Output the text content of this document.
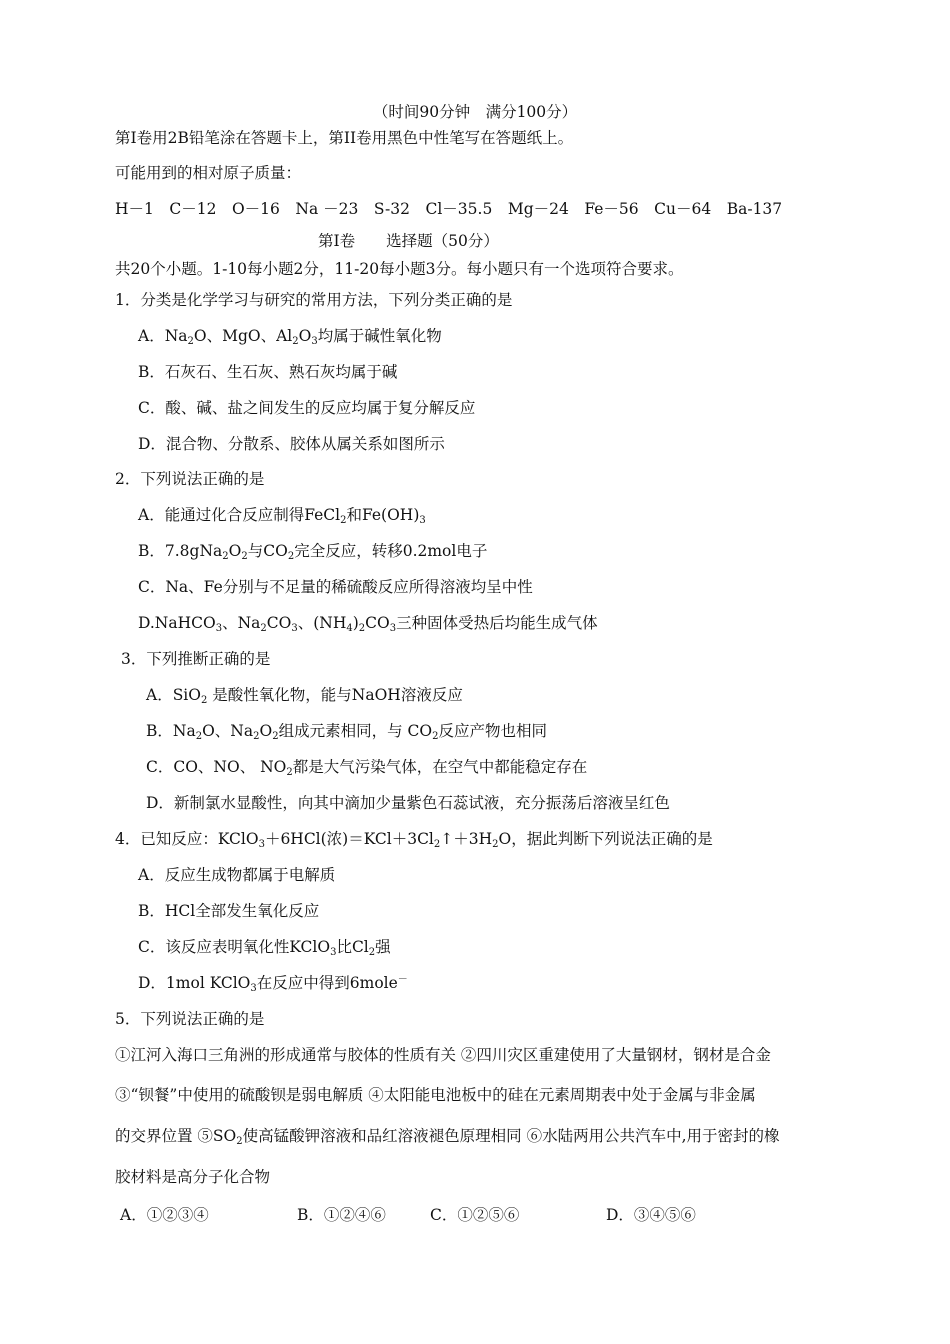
（时间90分钟　满分100分）
第Ⅰ卷用2B铅笔涂在答题卡上，第II卷用黑色中性笔写在答题纸上。
可能用到的相对原子质量：
H－1　C－12　O－16　Na －23　S-32　Cl－35.5　Mg－24　Fe－56　Cu－64　Ba-137
第Ⅰ卷　　选择题（50分）
共20个小题。1-10每小题2分，11-20每小题3分。每小题只有一个选项符合要求。
1．分类是化学学习与研究的常用方法，下列分类正确的是
A．$Na_2O$、MgO、$Al_2O_3$均属于碱性氧化物
B．石灰石、生石灰、熟石灰均属于碱
C．酸、碱、盐之间发生的反应均属于复分解反应
D．混合物、分散系、胶体从属关系如图所示
2．下列说法正确的是
A．能通过化合反应制得FeCl$_2$和$Fe(OH)_3$
B．$7.8gNa_2O_2$与$CO_2$完全反应，转移0.2mol电子
C．Na、Fe分别与不足量的稀硫酸反应所得溶液均呈中性
D.NaHCO$_3$、$Na_2CO_3$、$(NH_4)_2CO_3$三种固体受热后均能生成气体
3．下列推断正确的是
A．SiO$_2$ 是酸性氧化物，能与NaOH溶液反应
B．$Na_2O$、$Na_2O_2$组成元素相同，与 $CO_2$反应产物也相同
C．CO、NO、 $NO_2$都是大气污染气体，在空气中都能稳定存在
D．新制氯水显酸性，向其中滴加少量紫色石蕊试液，充分振荡后溶液呈红色
4．已知反应：KClO$_3$＋6HCl(浓)$=KCl+3Cl_2↑+3H_2O$，据此判断下列说法正确的是
A．反应生成物都属于电解质
B．HCl全部发生氧化反应
C．该反应表明氧化性KClO$_3$比$Cl_2$强
D．1mol KClO$_3$在反应中得到6mole－
5．下列说法正确的是
①江河入海口三角洲的形成通常与胶体的性质有关 ②四川灾区重建使用了大量钢材，钢材是合金
③“钡餐”中使用的硫酸钡是弱电解质 ④太阳能电池板中的硅在元素周期表中处于金属与非金属
的交界位置 $⑤SO_2$使高锰酸钾溶液和品红溶液褪色原理相同 ⑥水陆两用公共汽车中,用于密封的橡
胶材料是高分子化合物
A．①②③④	B．①②④⑥	C．①②⑤⑥	D．③④⑤⑥
